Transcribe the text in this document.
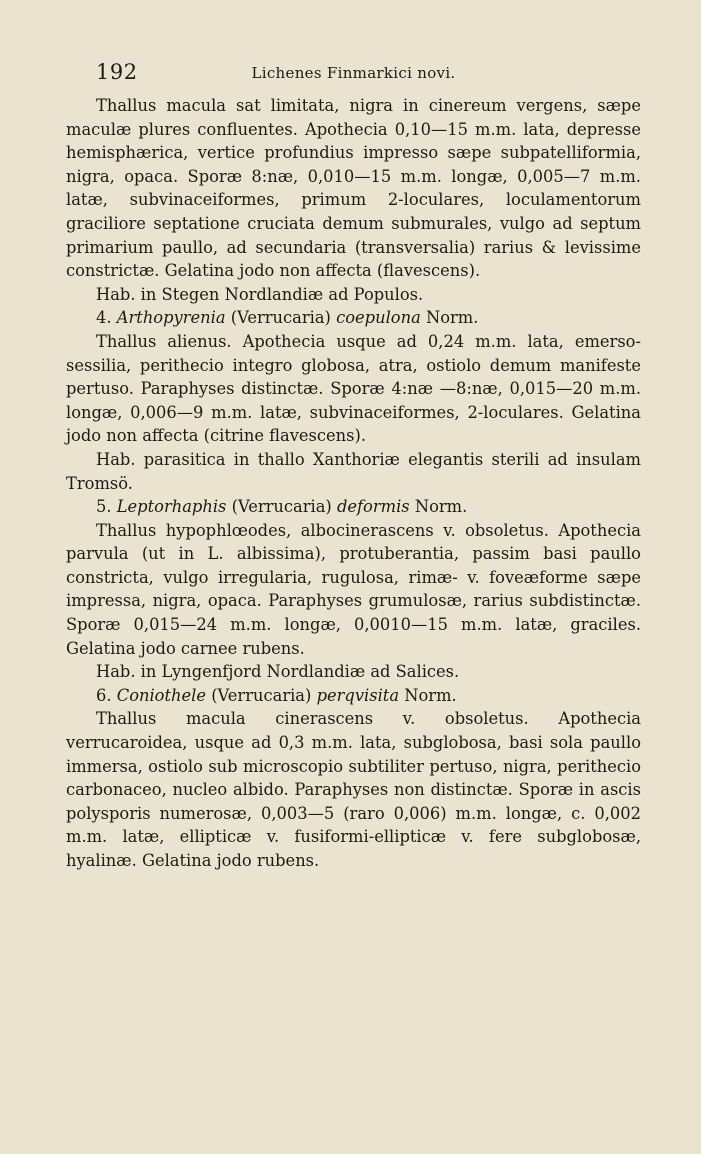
192	Lichenes Finmarkici novi.

Thallus macula sat limitata, nigra in cinereum vergens, sæpe maculæ plures confluentes. Apothecia 0,10—15 m.m. lata, depresse hemisphærica, vertice profundius impresso sæpe subpatelliformia, nigra, opaca. Sporæ 8:næ, 0,010—15 m.m. longæ, 0,005—7 m.m. latæ, subvinaceiformes, primum 2-loculares, loculamentorum graciliore septatione cruciata demum submurales, vulgo ad septum primarium paullo, ad secundaria (transversalia) rarius & levissime constrictæ. Gelatina jodo non affecta (flavescens).

Hab. in Stegen Nordlandiæ ad Populos.

4. Arthopyrenia (Verrucaria) coepulona Norm.

Thallus alienus. Apothecia usque ad 0,24 m.m. lata, emerso-sessilia, perithecio integro globosa, atra, ostiolo demum manifeste pertuso. Paraphyses distinctæ. Sporæ 4:næ —8:næ, 0,015—20 m.m. longæ, 0,006—9 m.m. latæ, subvinaceiformes, 2-loculares. Gelatina jodo non affecta (citrine flavescens).

Hab. parasitica in thallo Xanthoriæ elegantis sterili ad insulam Tromsö.

5. Leptorhaphis (Verrucaria) deformis Norm.

Thallus hypophlœodes, albocinerascens v. obsoletus. Apothecia parvula (ut in L. albissima), protuberantia, passim basi paullo constricta, vulgo irregularia, rugulosa, rimæ- v. foveæforme sæpe impressa, nigra, opaca. Paraphyses grumulosæ, rarius subdistinctæ. Sporæ 0,015—24 m.m. longæ, 0,0010—15 m.m. latæ, graciles. Gelatina jodo carnee rubens.

Hab. in Lyngenfjord Nordlandiæ ad Salices.

6. Coniothele (Verrucaria) perqvisita Norm.

Thallus macula cinerascens v. obsoletus. Apothecia verrucaroidea, usque ad 0,3 m.m. lata, subglobosa, basi sola paullo immersa, ostiolo sub microscopio subtiliter pertuso, nigra, perithecio carbonaceo, nucleo albido. Paraphyses non distinctæ. Sporæ in ascis polysporis numerosæ, 0,003—5 (raro 0,006) m.m. longæ, c. 0,002 m.m. latæ, ellipticæ v. fusiformi-ellipticæ v. fere subglobosæ, hyalinæ. Gelatina jodo rubens.
